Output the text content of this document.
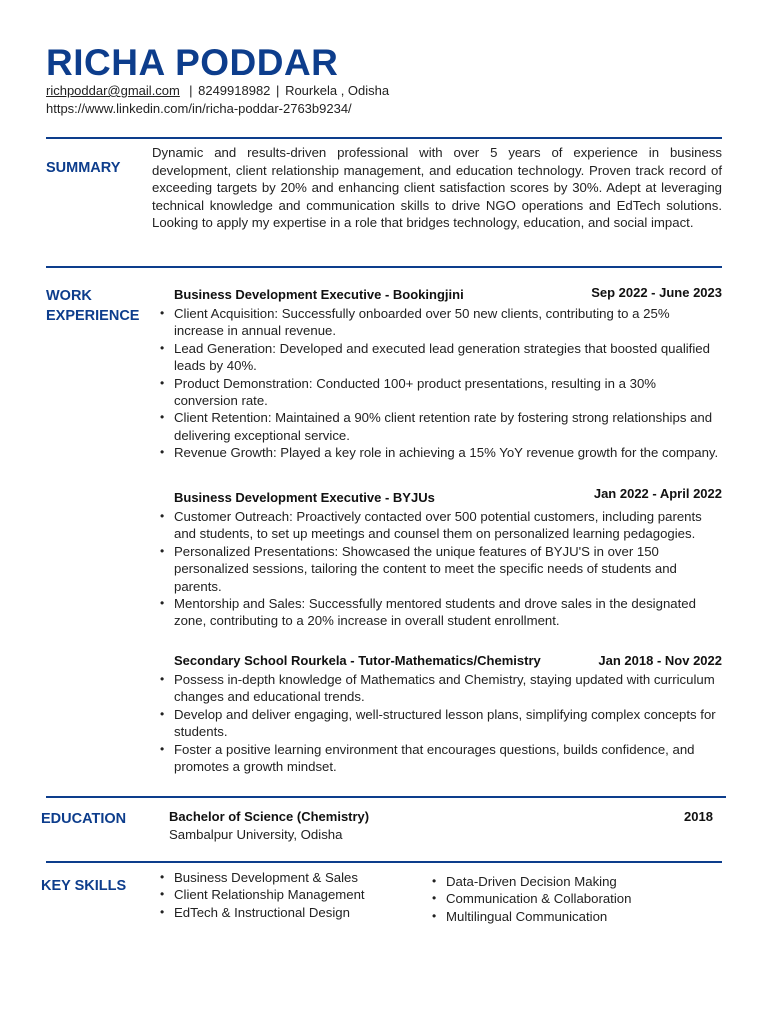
RICHA PODDAR
richpoddar@gmail.com | 8249918982 | Rourkela , Odisha
https://www.linkedin.com/in/richa-poddar-2763b9234/
SUMMARY
Dynamic and results-driven professional with over 5 years of experience in business development, client relationship management, and education technology. Proven track record of exceeding targets by 20% and enhancing client satisfaction scores by 30%. Adept at leveraging technical knowledge and communication skills to drive NGO operations and EdTech solutions. Looking to apply my expertise in a role that bridges technology, education, and social impact.
WORK
EXPERIENCE
Business Development Executive - Bookingjini	Sep 2022 - June 2023
• Client Acquisition: Successfully onboarded over 50 new clients, contributing to a 25% increase in annual revenue.
• Lead Generation: Developed and executed lead generation strategies that boosted qualified leads by 40%.
• Product Demonstration: Conducted 100+ product presentations, resulting in a 30% conversion rate.
• Client Retention: Maintained a 90% client retention rate by fostering strong relationships and delivering exceptional service.
• Revenue Growth: Played a key role in achieving a 15% YoY revenue growth for the company.
Business Development Executive - BYJUs	Jan 2022 - April 2022
• Customer Outreach: Proactively contacted over 500 potential customers, including parents and students, to set up meetings and counsel them on personalized learning pedagogies.
• Personalized Presentations: Showcased the unique features of BYJU'S in over 150 personalized sessions, tailoring the content to meet the specific needs of students and parents.
• Mentorship and Sales: Successfully mentored students and drove sales in the designated zone, contributing to a 20% increase in overall student enrollment.
Secondary School Rourkela - Tutor-Mathematics/Chemistry	Jan 2018 - Nov 2022
• Possess in-depth knowledge of Mathematics and Chemistry, staying updated with curriculum changes and educational trends.
• Develop and deliver engaging, well-structured lesson plans, simplifying complex concepts for students.
• Foster a positive learning environment that encourages questions, builds confidence, and promotes a growth mindset.
EDUCATION	Bachelor of Science (Chemistry)	2018
Sambalpur University, Odisha
KEY SKILLS
• Business Development & Sales
• Client Relationship Management
• EdTech & Instructional Design
• Data-Driven Decision Making
• Communication & Collaboration
• Multilingual Communication
